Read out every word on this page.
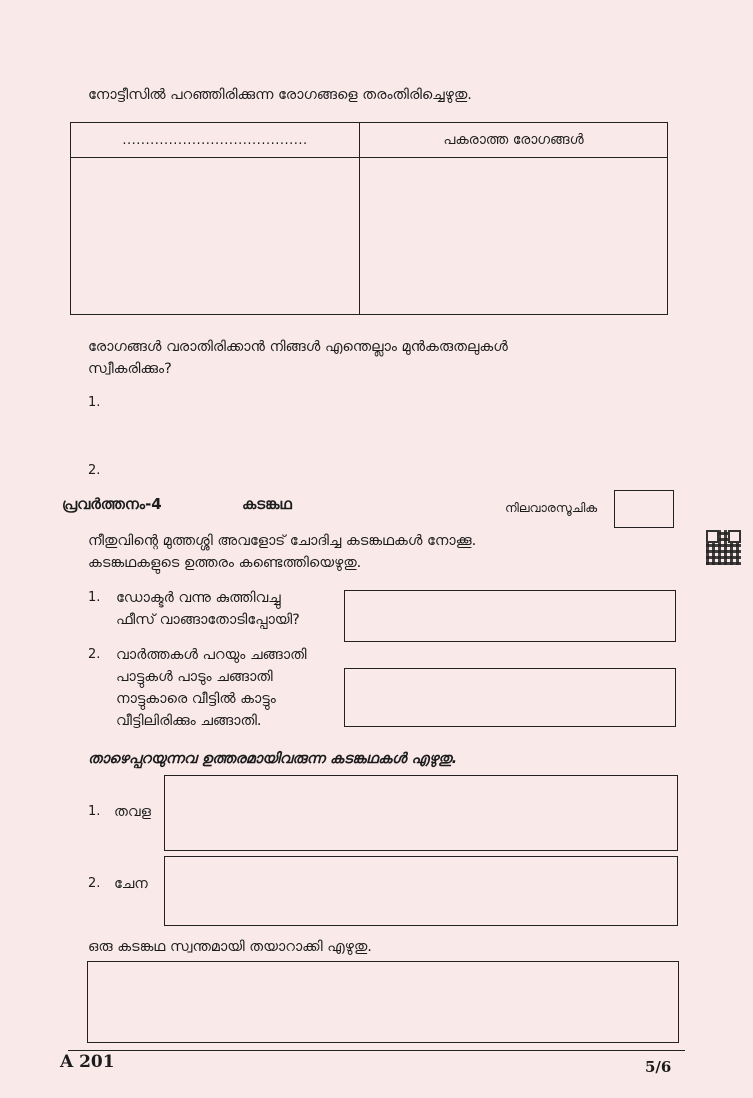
നോട്ടീസിൽ പറഞ്ഞിരിക്കുന്ന രോഗങ്ങളെ തരംതിരിച്ചെഴുതു.
........................................	പകരാത്ത രോഗങ്ങൾ

രോഗങ്ങൾ വരാതിരിക്കാൻ നിങ്ങൾ എന്തെല്ലാം മുൻകരുതലുകൾ
സ്വീകരിക്കും?
1.
2.
പ്രവർത്തനം-4	കടങ്കഥ	നിലവാരസൂചിക
നീതുവിന്റെ മുത്തശ്ശി അവളോട് ചോദിച്ച കടങ്കഥകൾ നോക്കൂ.
കടങ്കഥകളുടെ ഉത്തരം കണ്ടെത്തിയെഴുതു.
1. ഡോക്ടർ വന്നു കുത്തിവച്ചു
ഫീസ് വാങ്ങാതോടിപ്പോയി?
2. വാർത്തകൾ പറയും ചങ്ങാതി
പാട്ടുകൾ പാടും ചങ്ങാതി
നാട്ടുകാരെ വീട്ടിൽ കാട്ടും
വീട്ടിലിരിക്കും ചങ്ങാതി.
താഴെപ്പറയുന്നവ ഉത്തരമായിവരുന്ന കടങ്കഥകൾ എഴുതു.
1. തവള
2. ചേന
ഒരു കടങ്കഥ സ്വന്തമായി തയാറാക്കി എഴുതു.
A 201	5/6
